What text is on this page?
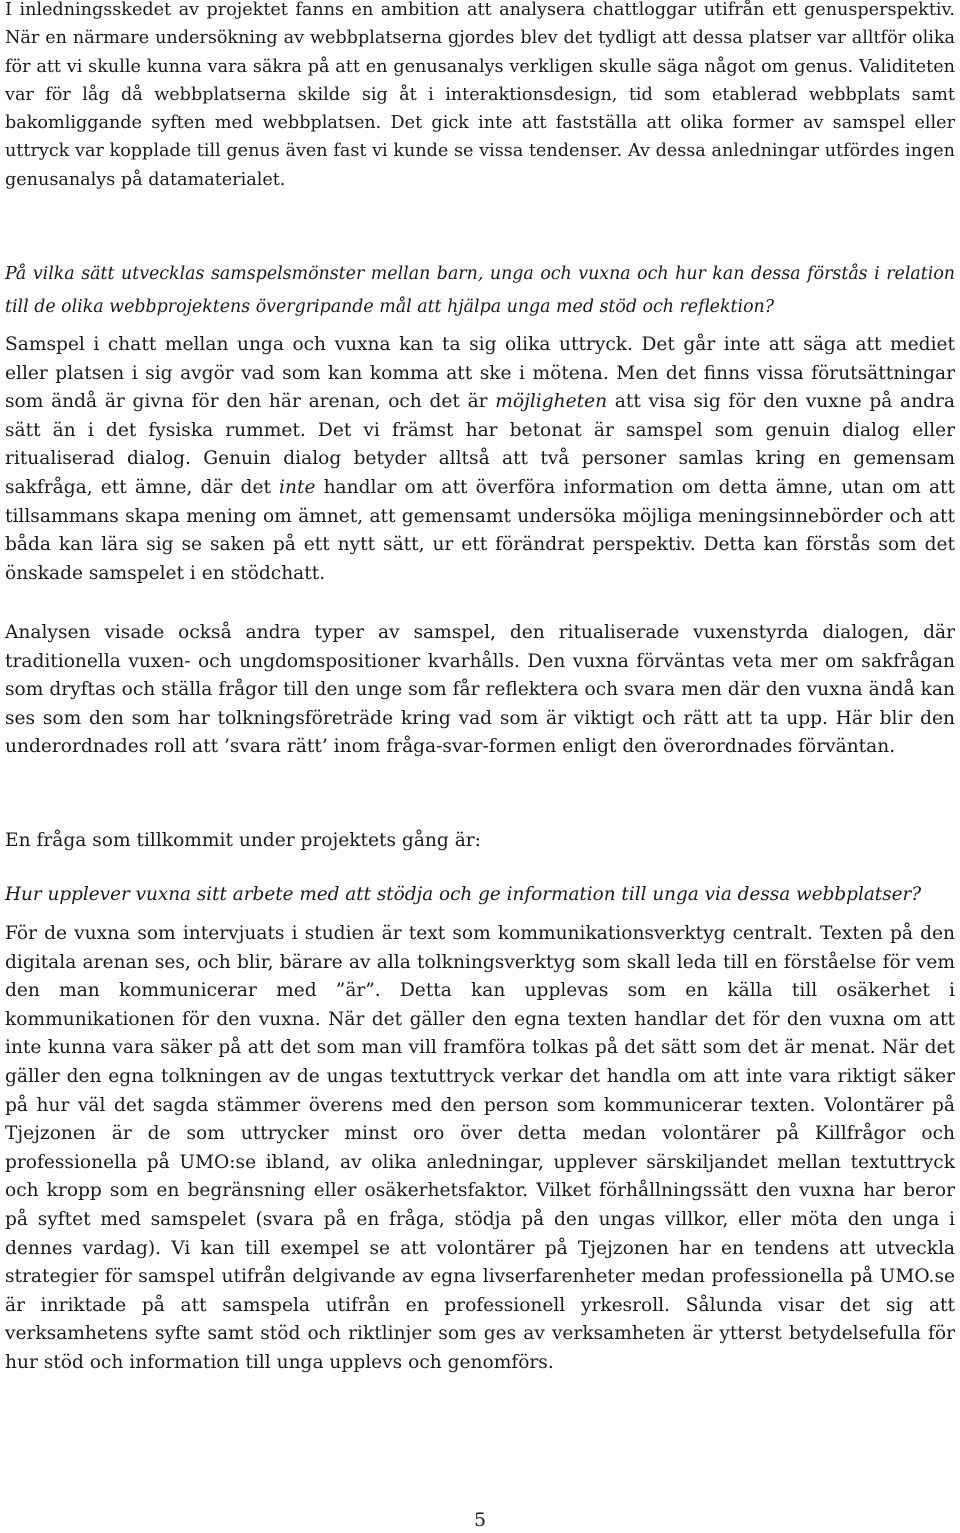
I inledningsskedet av projektet fanns en ambition att analysera chattloggar utifrån ett genusperspektiv. När en närmare undersökning av webbplatserna gjordes blev det tydligt att dessa platser var alltför olika för att vi skulle kunna vara säkra på att en genusanalys verkligen skulle säga något om genus. Validiteten var för låg då webbplatserna skilde sig åt i interaktionsdesign, tid som etablerad webbplats samt bakomliggande syften med webbplatsen. Det gick inte att fastställa att olika former av samspel eller uttryck var kopplade till genus även fast vi kunde se vissa tendenser. Av dessa anledningar utfördes ingen genusanalys på datamaterialet.

På vilka sätt utvecklas samspelsmönster mellan barn, unga och vuxna och hur kan dessa förstås i relation till de olika webbprojektens övergripande mål att hjälpa unga med stöd och reflektion?

Samspel i chatt mellan unga och vuxna kan ta sig olika uttryck. Det går inte att säga att mediet eller platsen i sig avgör vad som kan komma att ske i mötena. Men det finns vissa förutsättningar som ändå är givna för den här arenan, och det är möjligheten att visa sig för den vuxne på andra sätt än i det fysiska rummet. Det vi främst har betonat är samspel som genuin dialog eller ritualiserad dialog. Genuin dialog betyder alltså att två personer samlas kring en gemensam sakfråga, ett ämne, där det inte handlar om att överföra information om detta ämne, utan om att tillsammans skapa mening om ämnet, att gemensamt undersöka möjliga meningsinnebörder och att båda kan lära sig se saken på ett nytt sätt, ur ett förändrat perspektiv. Detta kan förstås som det önskade samspelet i en stödchatt.

Analysen visade också andra typer av samspel, den ritualiserade vuxenstyrda dialogen, där traditionella vuxen- och ungdomspositioner kvarhålls. Den vuxna förväntas veta mer om sakfrågan som dryftas och ställa frågor till den unge som får reflektera och svara men där den vuxna ändå kan ses som den som har tolkningsföreträde kring vad som är viktigt och rätt att ta upp. Här blir den underordnades roll att ’svara rätt’ inom fråga-svar-formen enligt den överordnades förväntan.

En fråga som tillkommit under projektets gång är:

Hur upplever vuxna sitt arbete med att stödja och ge information till unga via dessa webbplatser?

För de vuxna som intervjuats i studien är text som kommunikationsverktyg centralt. Texten på den digitala arenan ses, och blir, bärare av alla tolkningsverktyg som skall leda till en förståelse för vem den man kommunicerar med ”är”. Detta kan upplevas som en källa till osäkerhet i kommunikationen för den vuxna. När det gäller den egna texten handlar det för den vuxna om att inte kunna vara säker på att det som man vill framföra tolkas på det sätt som det är menat. När det gäller den egna tolkningen av de ungas textuttryck verkar det handla om att inte vara riktigt säker på hur väl det sagda stämmer överens med den person som kommunicerar texten. Volontärer på Tjejzonen är de som uttrycker minst oro över detta medan volontärer på Killfrågor och professionella på UMO:se ibland, av olika anledningar, upplever särskiljandet mellan textuttryck och kropp som en begränsning eller osäkerhetsfaktor. Vilket förhållningssätt den vuxna har beror på syftet med samspelet (svara på en fråga, stödja på den ungas villkor, eller möta den unga i dennes vardag). Vi kan till exempel se att volontärer på Tjejzonen har en tendens att utveckla strategier för samspel utifrån delgivande av egna livserfarenheter medan professionella på UMO.se är inriktade på att samspela utifrån en professionell yrkesroll. Sålunda visar det sig att verksamhetens syfte samt stöd och riktlinjer som ges av verksamheten är ytterst betydelsefulla för hur stöd och information till unga upplevs och genomförs.

5
